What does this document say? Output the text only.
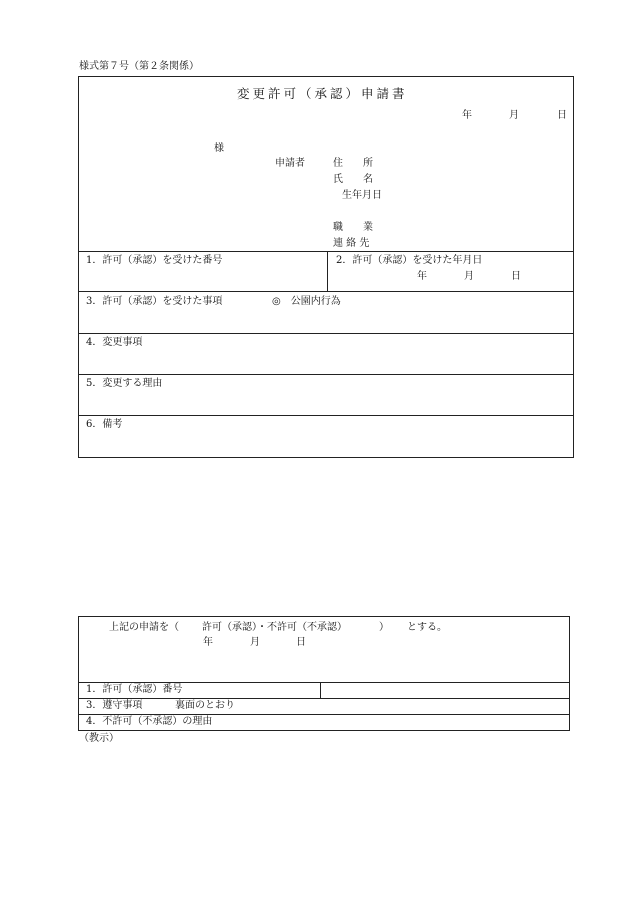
様式第７号（第２条関係）
変更許可（承認）申請書
年	月	日
様
申請者	住　　所
氏　　名
生年月日
職　　業
連 絡 先
1．許可（承認）を受けた番号	2．許可（承認）を受けた年月日
年	月	日
3．許可（承認）を受けた事項	◎　公園内行為
4．変更事項
5．変更する理由
6．備考
上記の申請を（ 許可（承認）・不許可（不承認）	） とする。
年	月	日
1．許可（承認）番号
3．遵守事項	裏面のとおり
4．不許可（不承認）の理由
（教示）
